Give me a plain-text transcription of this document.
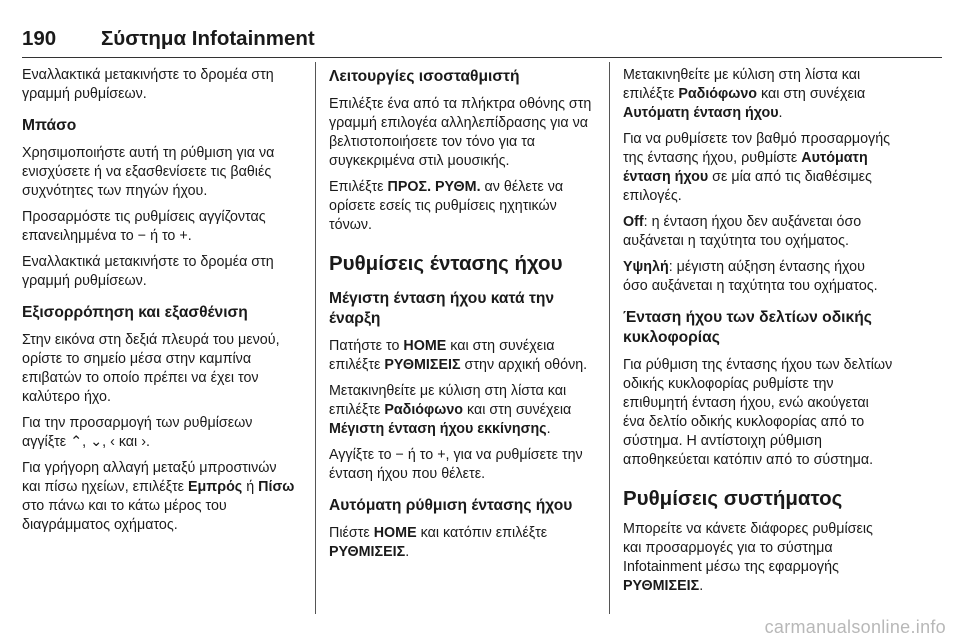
190 Σύστημα Infotainment

Εναλλακτικά μετακινήστε το δρομέα στη γραμμή ρυθμίσεων.

Μπάσο

Χρησιμοποιήστε αυτή τη ρύθμιση για να ενισχύσετε ή να εξασθενίσετε τις βαθιές συχνότητες των πηγών ήχου.

Προσαρμόστε τις ρυθμίσεις αγγίζοντας επανειλημμένα το − ή το +.

Εναλλακτικά μετακινήστε το δρομέα στη γραμμή ρυθμίσεων.

Εξισορρόπηση και εξασθένιση

Στην εικόνα στη δεξιά πλευρά του μενού, ορίστε το σημείο μέσα στην καμπίνα επιβατών το οποίο πρέπει να έχει τον καλύτερο ήχο.

Για την προσαρμογή των ρυθμίσεων αγγίξτε ⌃, ⌄, ‹ και ›.

Για γρήγορη αλλαγή μεταξύ μπροστινών και πίσω ηχείων, επιλέξτε Εμπρός ή Πίσω στο πάνω και το κάτω μέρος του διαγράμματος οχήματος.

Λειτουργίες ισοσταθμιστή

Επιλέξτε ένα από τα πλήκτρα οθόνης στη γραμμή επιλογέα αλληλεπίδρασης για να βελτιστοποιήσετε τον τόνο για τα συγκεκριμένα στιλ μουσικής.

Επιλέξτε ΠΡΟΣ. ΡΥΘΜ. αν θέλετε να ορίσετε εσείς τις ρυθμίσεις ηχητικών τόνων.

Ρυθμίσεις έντασης ήχου
Μέγιστη ένταση ήχου κατά την έναρξη

Πατήστε το HOME και στη συνέχεια επιλέξτε ΡΥΘΜΙΣΕΙΣ στην αρχική οθόνη.

Μετακινηθείτε με κύλιση στη λίστα και επιλέξτε Ραδιόφωνο και στη συνέχεια Μέγιστη ένταση ήχου εκκίνησης.

Αγγίξτε το − ή το +, για να ρυθμίσετε την ένταση ήχου που θέλετε.

Αυτόματη ρύθμιση έντασης ήχου

Πιέστε HOME και κατόπιν επιλέξτε ΡΥΘΜΙΣΕΙΣ.

Μετακινηθείτε με κύλιση στη λίστα και επιλέξτε Ραδιόφωνο και στη συνέχεια Αυτόματη ένταση ήχου.

Για να ρυθμίσετε τον βαθμό προσαρμογής της έντασης ήχου, ρυθμίστε Αυτόματη ένταση ήχου σε μία από τις διαθέσιμες επιλογές.

Off: η ένταση ήχου δεν αυξάνεται όσο αυξάνεται η ταχύτητα του οχήματος.

Υψηλή: μέγιστη αύξηση έντασης ήχου όσο αυξάνεται η ταχύτητα του οχήματος.

Ένταση ήχου των δελτίων οδικής κυκλοφορίας

Για ρύθμιση της έντασης ήχου των δελτίων οδικής κυκλοφορίας ρυθμίστε την επιθυμητή ένταση ήχου, ενώ ακούγεται ένα δελτίο οδικής κυκλοφορίας από το σύστημα. Η αντίστοιχη ρύθμιση αποθηκεύεται κατόπιν από το σύστημα.

Ρυθμίσεις συστήματος

Μπορείτε να κάνετε διάφορες ρυθμίσεις και προσαρμογές για το σύστημα Infotainment μέσω της εφαρμογής ΡΥΘΜΙΣΕΙΣ.

carmanualsonline.info
